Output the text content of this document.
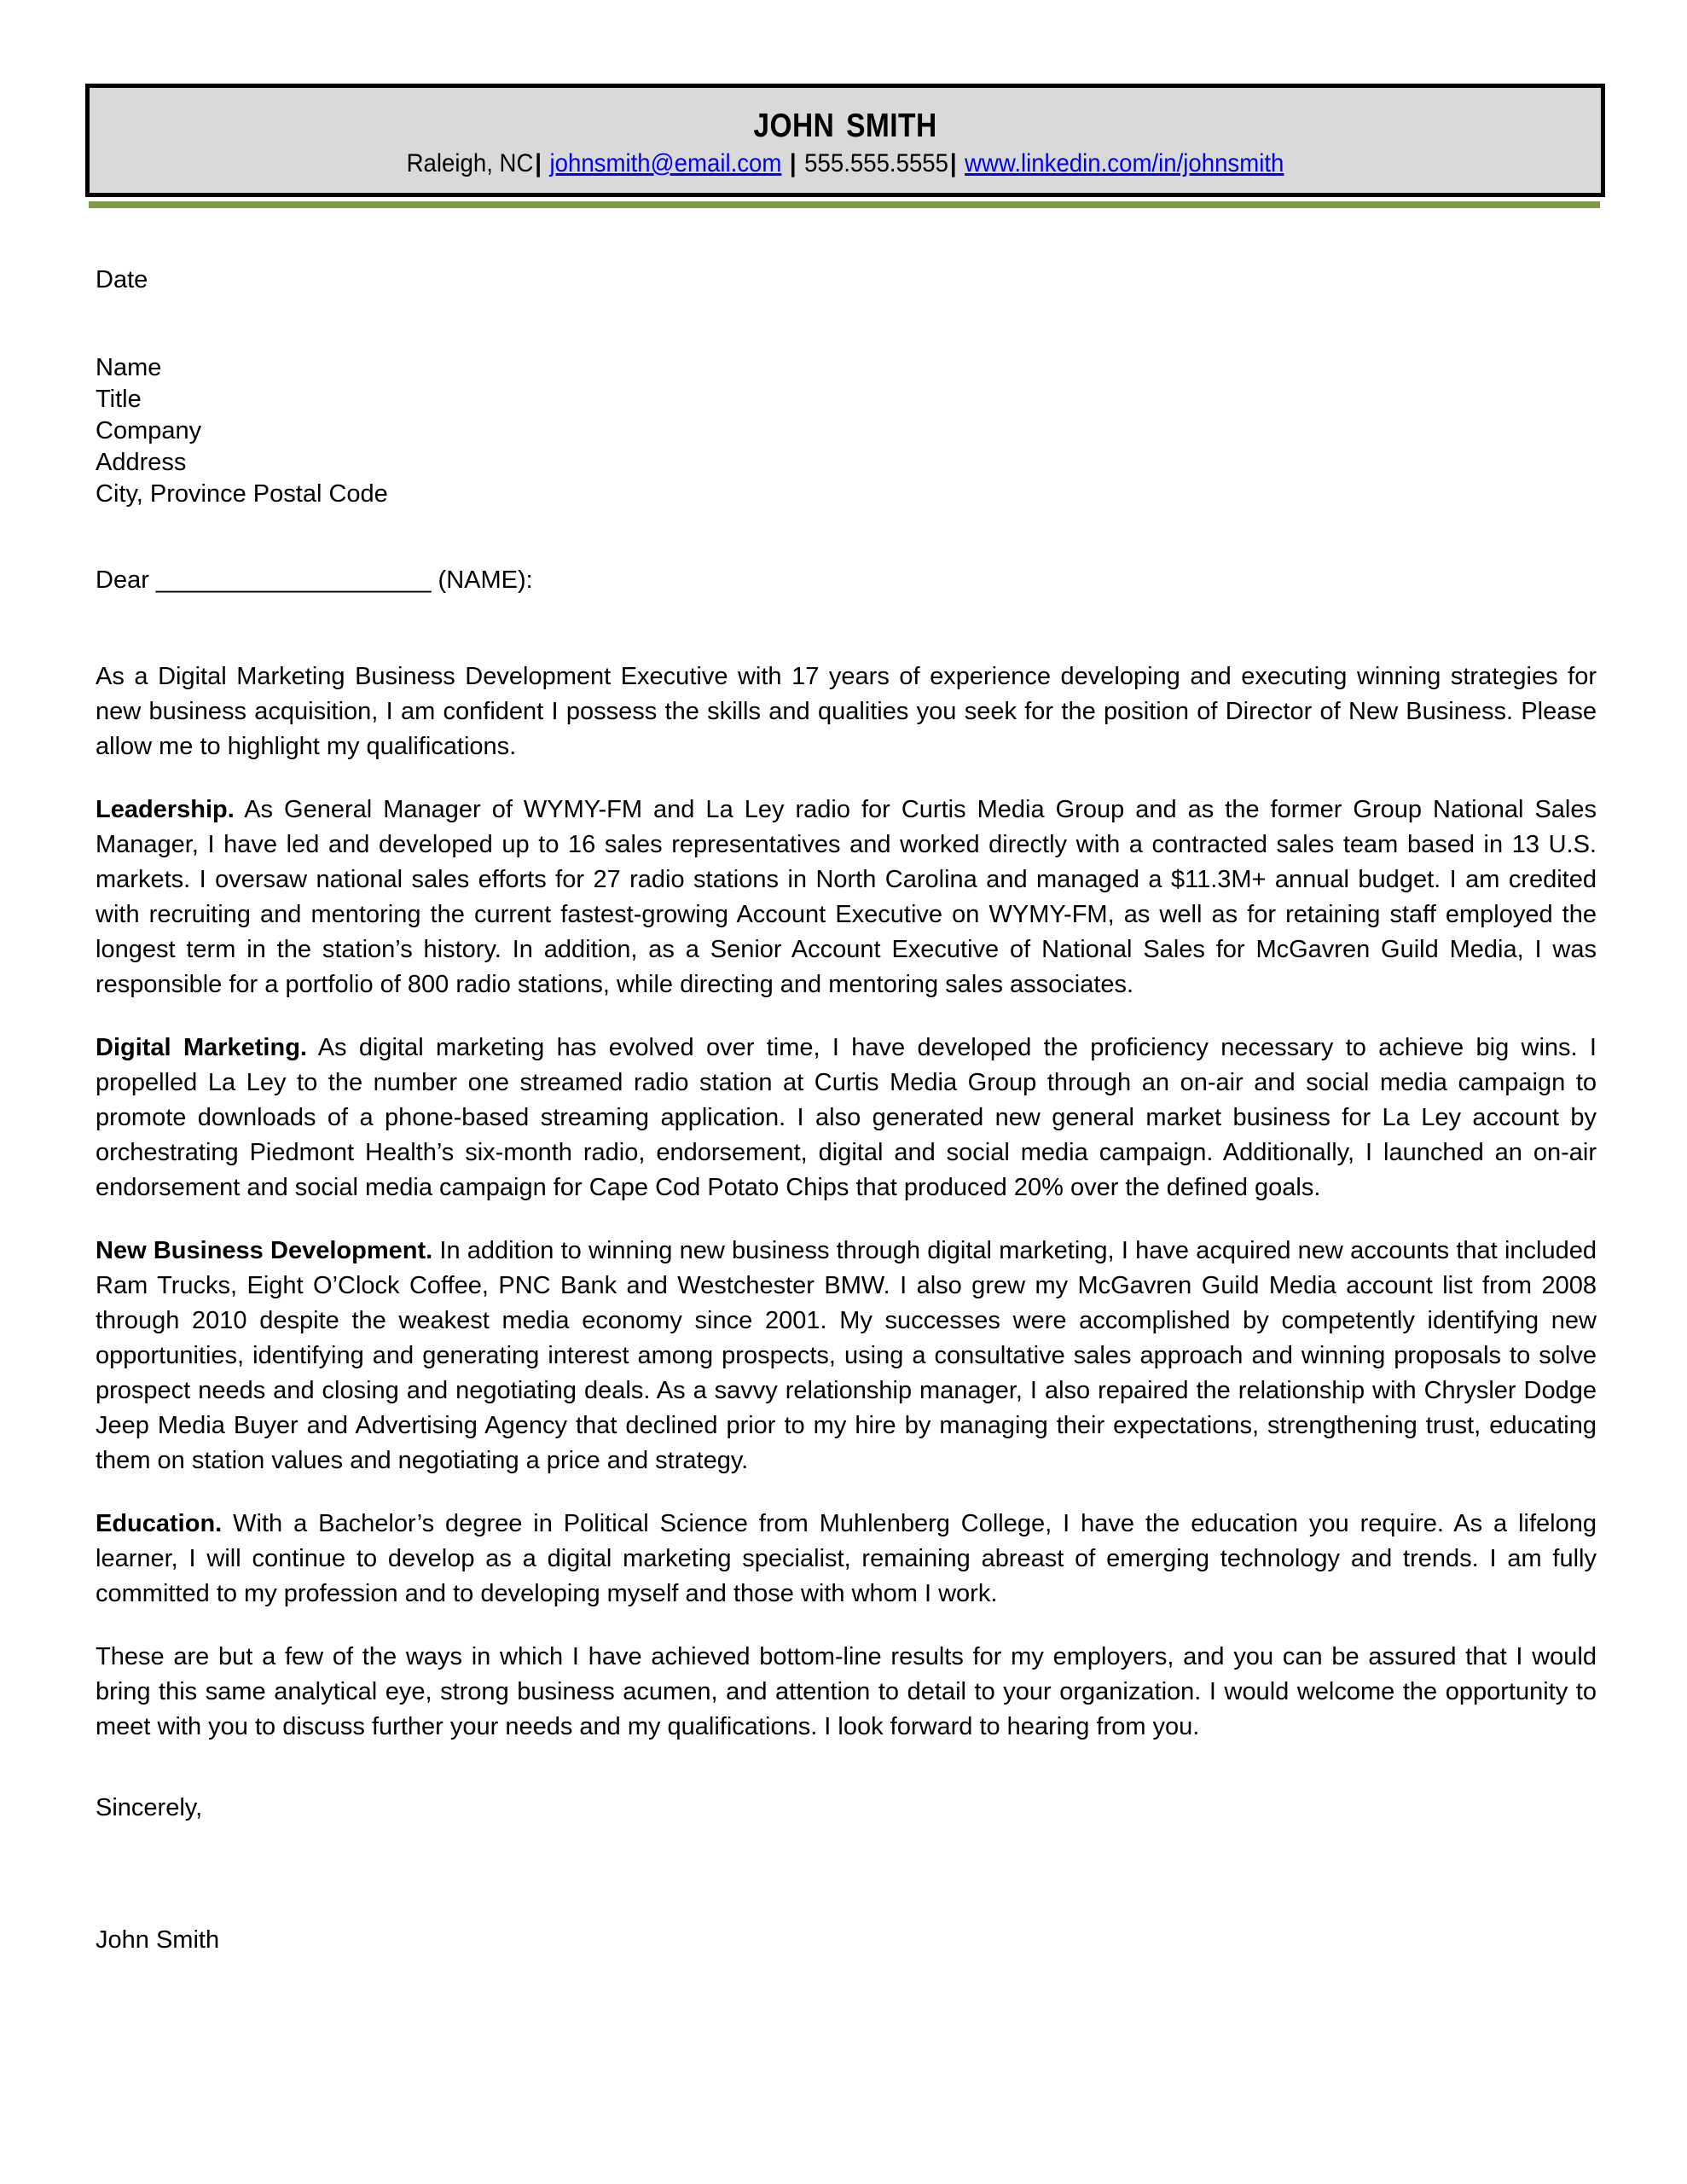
john smith
Raleigh, NC| johnsmith@email.com | 555.555.5555| www.linkedin.com/in/johnsmith
Date
Name
Title
Company
Address
City, Province Postal Code
Dear ____________________ (NAME):

As a Digital Marketing Business Development Executive with 17 years of experience developing and executing winning strategies for new business acquisition, I am confident I possess the skills and qualities you seek for the position of Director of New Business. Please allow me to highlight my qualifications.

Leadership. As General Manager of WYMY-FM and La Ley radio for Curtis Media Group and as the former Group National Sales Manager, I have led and developed up to 16 sales representatives and worked directly with a contracted sales team based in 13 U.S. markets. I oversaw national sales efforts for 27 radio stations in North Carolina and managed a $11.3M+ annual budget. I am credited with recruiting and mentoring the current fastest-growing Account Executive on WYMY-FM, as well as for retaining staff employed the longest term in the station’s history. In addition, as a Senior Account Executive of National Sales for McGavren Guild Media, I was responsible for a portfolio of 800 radio stations, while directing and mentoring sales associates.

Digital Marketing. As digital marketing has evolved over time, I have developed the proficiency necessary to achieve big wins. I propelled La Ley to the number one streamed radio station at Curtis Media Group through an on-air and social media campaign to promote downloads of a phone-based streaming application. I also generated new general market business for La Ley account by orchestrating Piedmont Health’s six-month radio, endorsement, digital and social media campaign. Additionally, I launched an on-air endorsement and social media campaign for Cape Cod Potato Chips that produced 20% over the defined goals.

New Business Development. In addition to winning new business through digital marketing, I have acquired new accounts that included Ram Trucks, Eight O’Clock Coffee, PNC Bank and Westchester BMW. I also grew my McGavren Guild Media account list from 2008 through 2010 despite the weakest media economy since 2001. My successes were accomplished by competently identifying new opportunities, identifying and generating interest among prospects, using a consultative sales approach and winning proposals to solve prospect needs and closing and negotiating deals. As a savvy relationship manager, I also repaired the relationship with Chrysler Dodge Jeep Media Buyer and Advertising Agency that declined prior to my hire by managing their expectations, strengthening trust, educating them on station values and negotiating a price and strategy.

Education. With a Bachelor’s degree in Political Science from Muhlenberg College, I have the education you require. As a lifelong learner, I will continue to develop as a digital marketing specialist, remaining abreast of emerging technology and trends. I am fully committed to my profession and to developing myself and those with whom I work.

These are but a few of the ways in which I have achieved bottom-line results for my employers, and you can be assured that I would bring this same analytical eye, strong business acumen, and attention to detail to your organization. I would welcome the opportunity to meet with you to discuss further your needs and my qualifications. I look forward to hearing from you.

Sincerely,
John Smith
